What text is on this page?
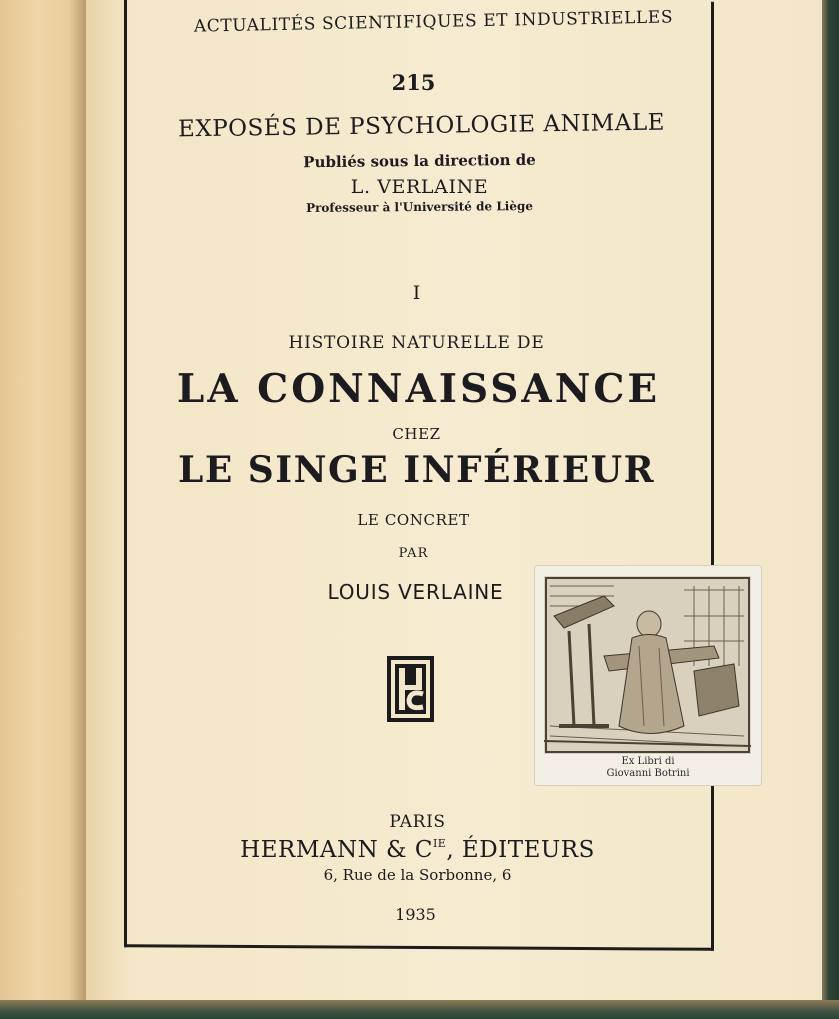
ACTUALITÉS SCIENTIFIQUES ET INDUSTRIELLES

215

EXPOSÉS DE PSYCHOLOGIE ANIMALE

Publiés sous la direction de

L. VERLAINE

Professeur à l'Université de Liège

I

HISTOIRE NATURELLE DE

LA CONNAISSANCE

CHEZ

LE SINGE INFÉRIEUR

LE CONCRET

PAR

LOUIS VERLAINE

PARIS

HERMANN & $C^{IE}$, ÉDITEURS

6, Rue de la Sorbonne, 6

1935

Ex Libri di
Giovanni Botrini
